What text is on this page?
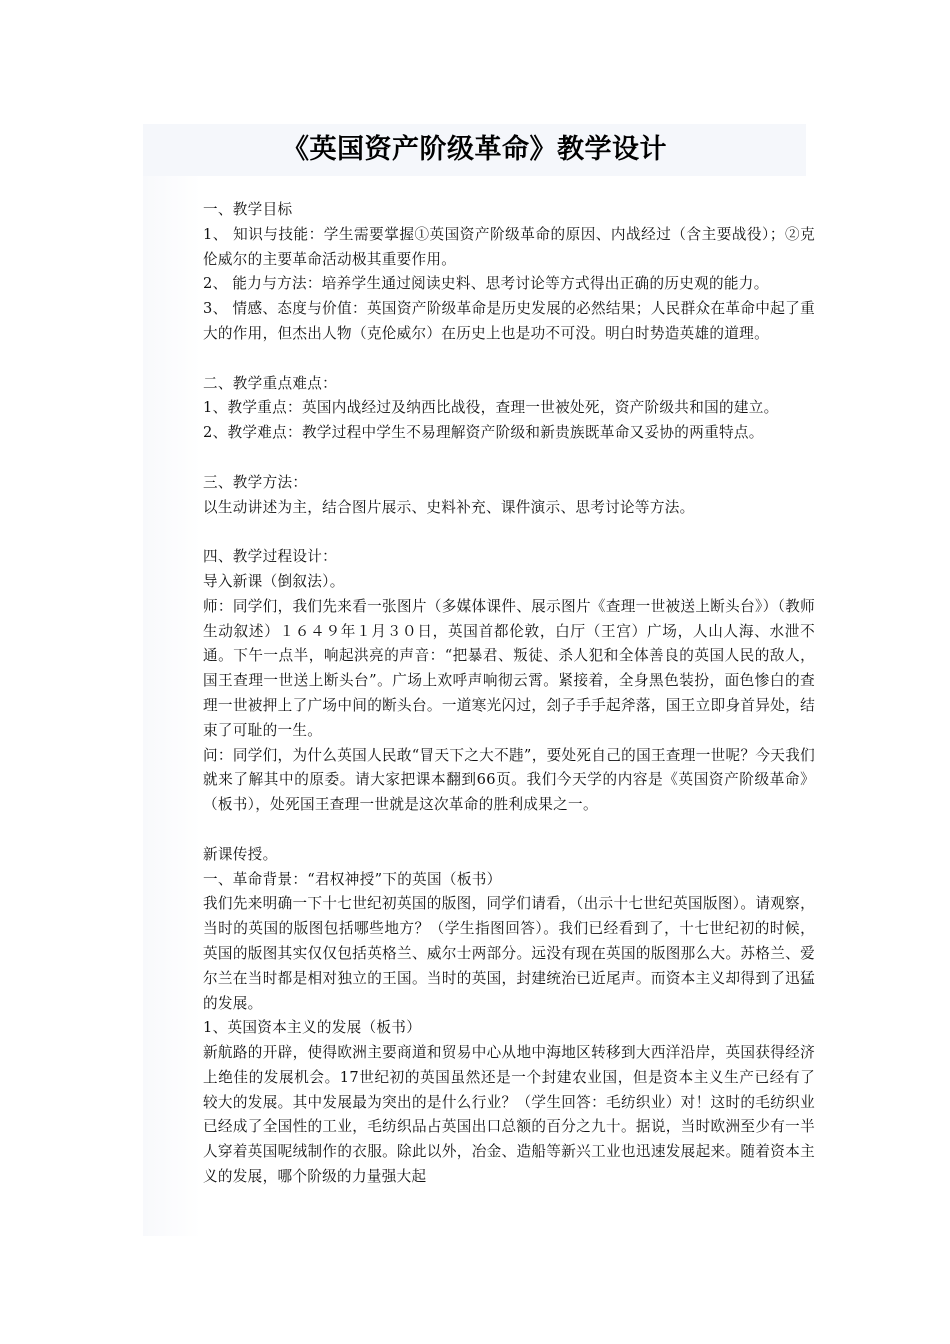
《英国资产阶级革命》教学设计

一、教学目标

1、 知识与技能：学生需要掌握①英国资产阶级革命的原因、内战经过（含主要战役）；②克伦威尔的主要革命活动极其重要作用。

2、 能力与方法：培养学生通过阅读史料、思考讨论等方式得出正确的历史观的能力。

3、 情感、态度与价值：英国资产阶级革命是历史发展的必然结果；人民群众在革命中起了重大的作用，但杰出人物（克伦威尔）在历史上也是功不可没。明白时势造英雄的道理。

二、教学重点难点：

1、教学重点：英国内战经过及纳西比战役，查理一世被处死，资产阶级共和国的建立。

2、教学难点：教学过程中学生不易理解资产阶级和新贵族既革命又妥协的两重特点。

三、教学方法：

以生动讲述为主，结合图片展示、史料补充、课件演示、思考讨论等方法。

四、教学过程设计：

导入新课（倒叙法）。

师：同学们，我们先来看一张图片（多媒体课件、展示图片《查理一世被送上断头台》）（教师生动叙述）１６４９年１月３０日，英国首都伦敦，白厅（王宫）广场，人山人海、水泄不通。下午一点半，响起洪亮的声音：“把暴君、叛徒、杀人犯和全体善良的英国人民的敌人，国王查理一世送上断头台”。广场上欢呼声响彻云霄。紧接着，全身黑色装扮，面色惨白的查理一世被押上了广场中间的断头台。一道寒光闪过，刽子手手起斧落，国王立即身首异处，结束了可耻的一生。

问：同学们，为什么英国人民敢“冒天下之大不韪”，要处死自己的国王查理一世呢？今天我们就来了解其中的原委。请大家把课本翻到66页。我们今天学的内容是《英国资产阶级革命》（板书），处死国王查理一世就是这次革命的胜利成果之一。

新课传授。

一、革命背景：“君权神授”下的英国（板书）

我们先来明确一下十七世纪初英国的版图，同学们请看，（出示十七世纪英国版图）。请观察，当时的英国的版图包括哪些地方？（学生指图回答）。我们已经看到了，十七世纪初的时候，英国的版图其实仅仅包括英格兰、威尔士两部分。远没有现在英国的版图那么大。苏格兰、爱尔兰在当时都是相对独立的王国。当时的英国，封建统治已近尾声。而资本主义却得到了迅猛的发展。

1、英国资本主义的发展（板书）

新航路的开辟，使得欧洲主要商道和贸易中心从地中海地区转移到大西洋沿岸，英国获得经济上绝佳的发展机会。17世纪初的英国虽然还是一个封建农业国，但是资本主义生产已经有了较大的发展。其中发展最为突出的是什么行业？（学生回答：毛纺织业）对！这时的毛纺织业已经成了全国性的工业，毛纺织品占英国出口总额的百分之九十。据说，当时欧洲至少有一半人穿着英国呢绒制作的衣服。除此以外，冶金、造船等新兴工业也迅速发展起来。随着资本主义的发展，哪个阶级的力量强大起
